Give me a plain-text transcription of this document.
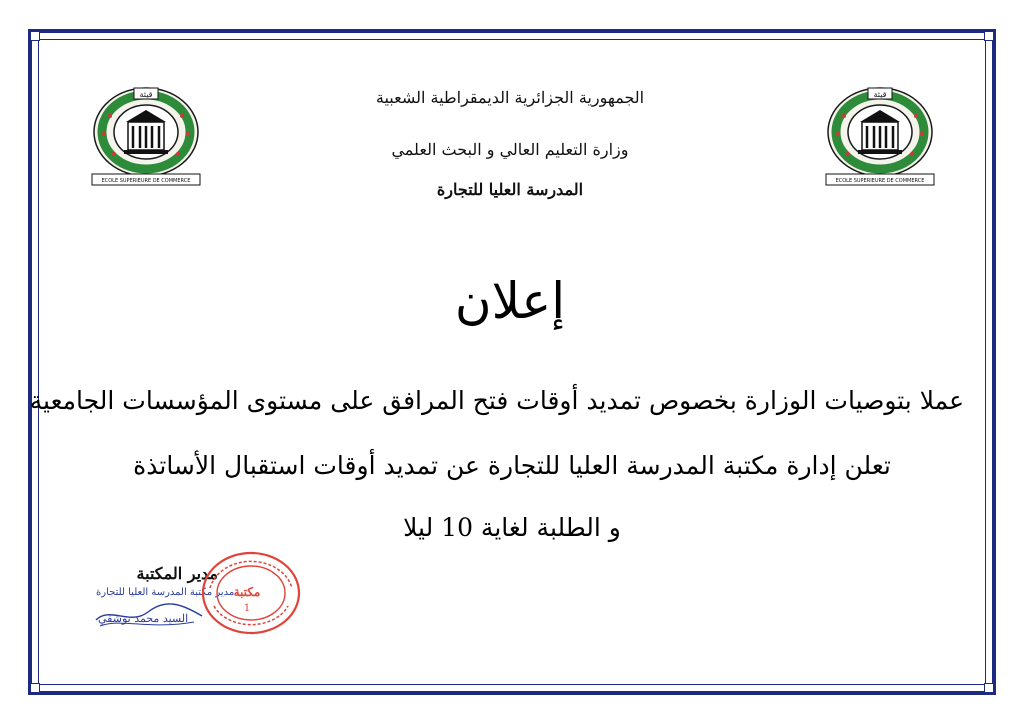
قيثة
ECOLE SUPERIEURE DE COMMERCE
قيثة
ECOLE SUPERIEURE DE COMMERCE
الجمهورية الجزائرية الديمقراطية الشعبية
وزارة التعليم العالي و البحث العلمي
المدرسة العليا للتجارة
إعلان
عملا بتوصيات الوزارة بخصوص تمديد أوقات فتح المرافق على مستوى المؤسسات الجامعية
تعلن إدارة مكتبة المدرسة العليا للتجارة عن تمديد أوقات استقبال الأساتذة
و الطلبة لغاية 10 ليلا
مدير المكتبة
مدير مكتبة المدرسة العليا للتجارة
السيد محمد بوشفي
مكتبة
1
